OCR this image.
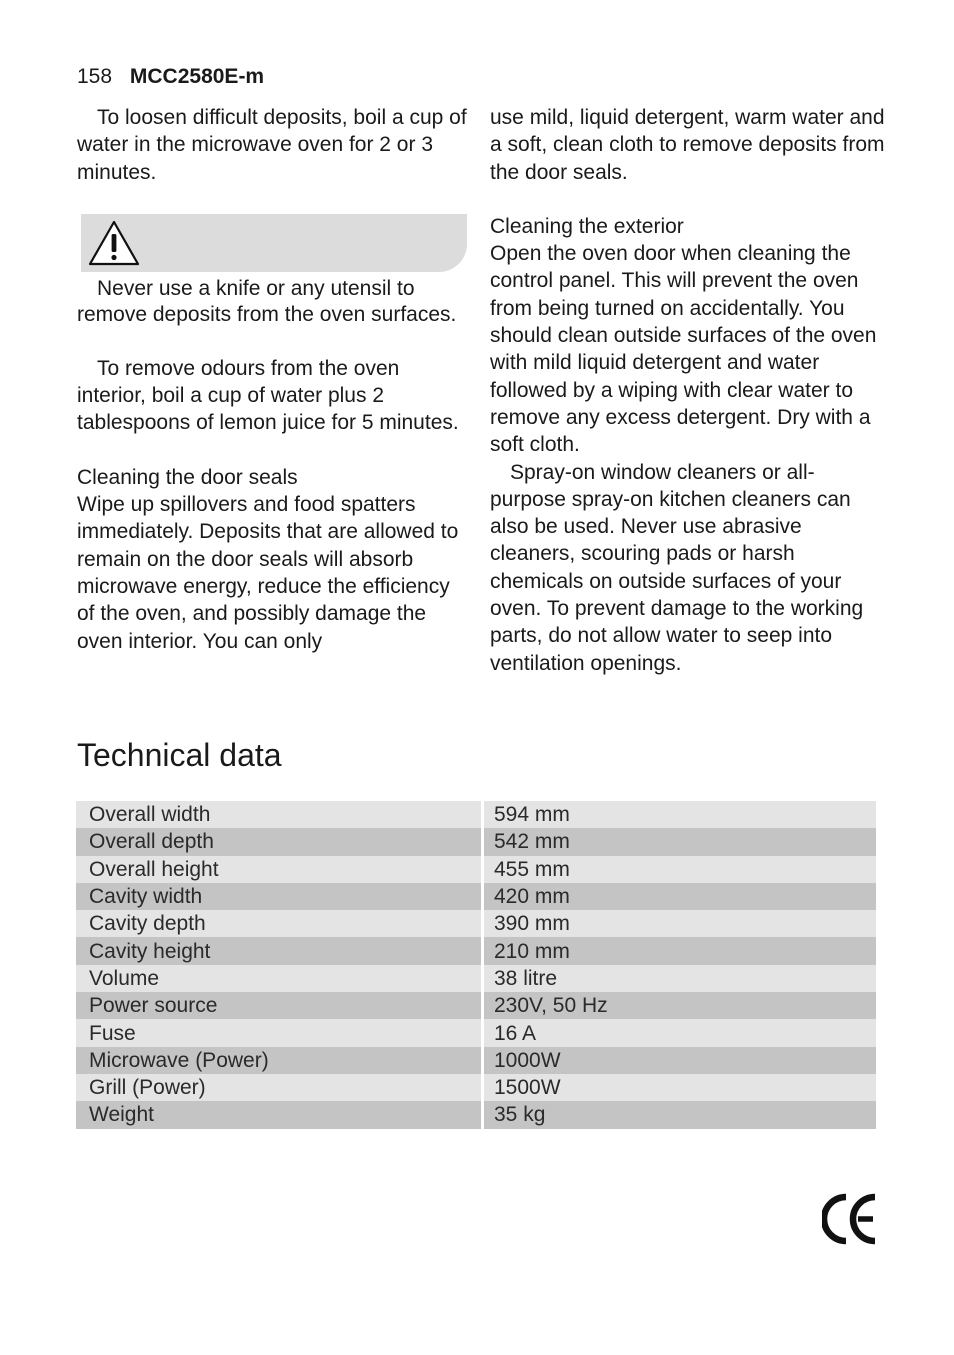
158 MCC2580E-m

To loosen difficult deposits, boil a cup of water in the microwave oven for 2 or 3 minutes.

Never use a knife or any utensil to remove deposits from the oven surfaces.

To remove odours from the oven interior, boil a cup of water plus 2 tablespoons of lemon juice for 5 minutes.

Cleaning the door seals

Wipe up spillovers and food spatters immediately. Deposits that are allowed to remain on the door seals will absorb microwave energy, reduce the efficiency of the oven, and possibly damage the oven interior. You can only

use mild, liquid detergent, warm water and a soft, clean cloth to remove deposits from the door seals.

Cleaning the exterior

Open the oven door when cleaning the control panel. This will prevent the oven from being turned on accidentally. You should clean outside surfaces of the oven with mild liquid detergent and water followed by a wiping with clear water to remove any excess detergent. Dry with a soft cloth.

Spray-on window cleaners or all-purpose spray-on kitchen cleaners can also be used. Never use abrasive cleaners, scouring pads or harsh chemicals on outside surfaces of your oven. To prevent damage to the working parts, do not allow water to seep into ventilation openings.

Technical data
Overall width	594 mm
Overall depth	542 mm
Overall height	455 mm
Cavity width	420 mm
Cavity depth	390 mm
Cavity height	210 mm
Volume	38 litre
Power source	230V, 50 Hz
Fuse	16 A
Microwave (Power)	1000W
Grill (Power)	1500W
Weight	35 kg
